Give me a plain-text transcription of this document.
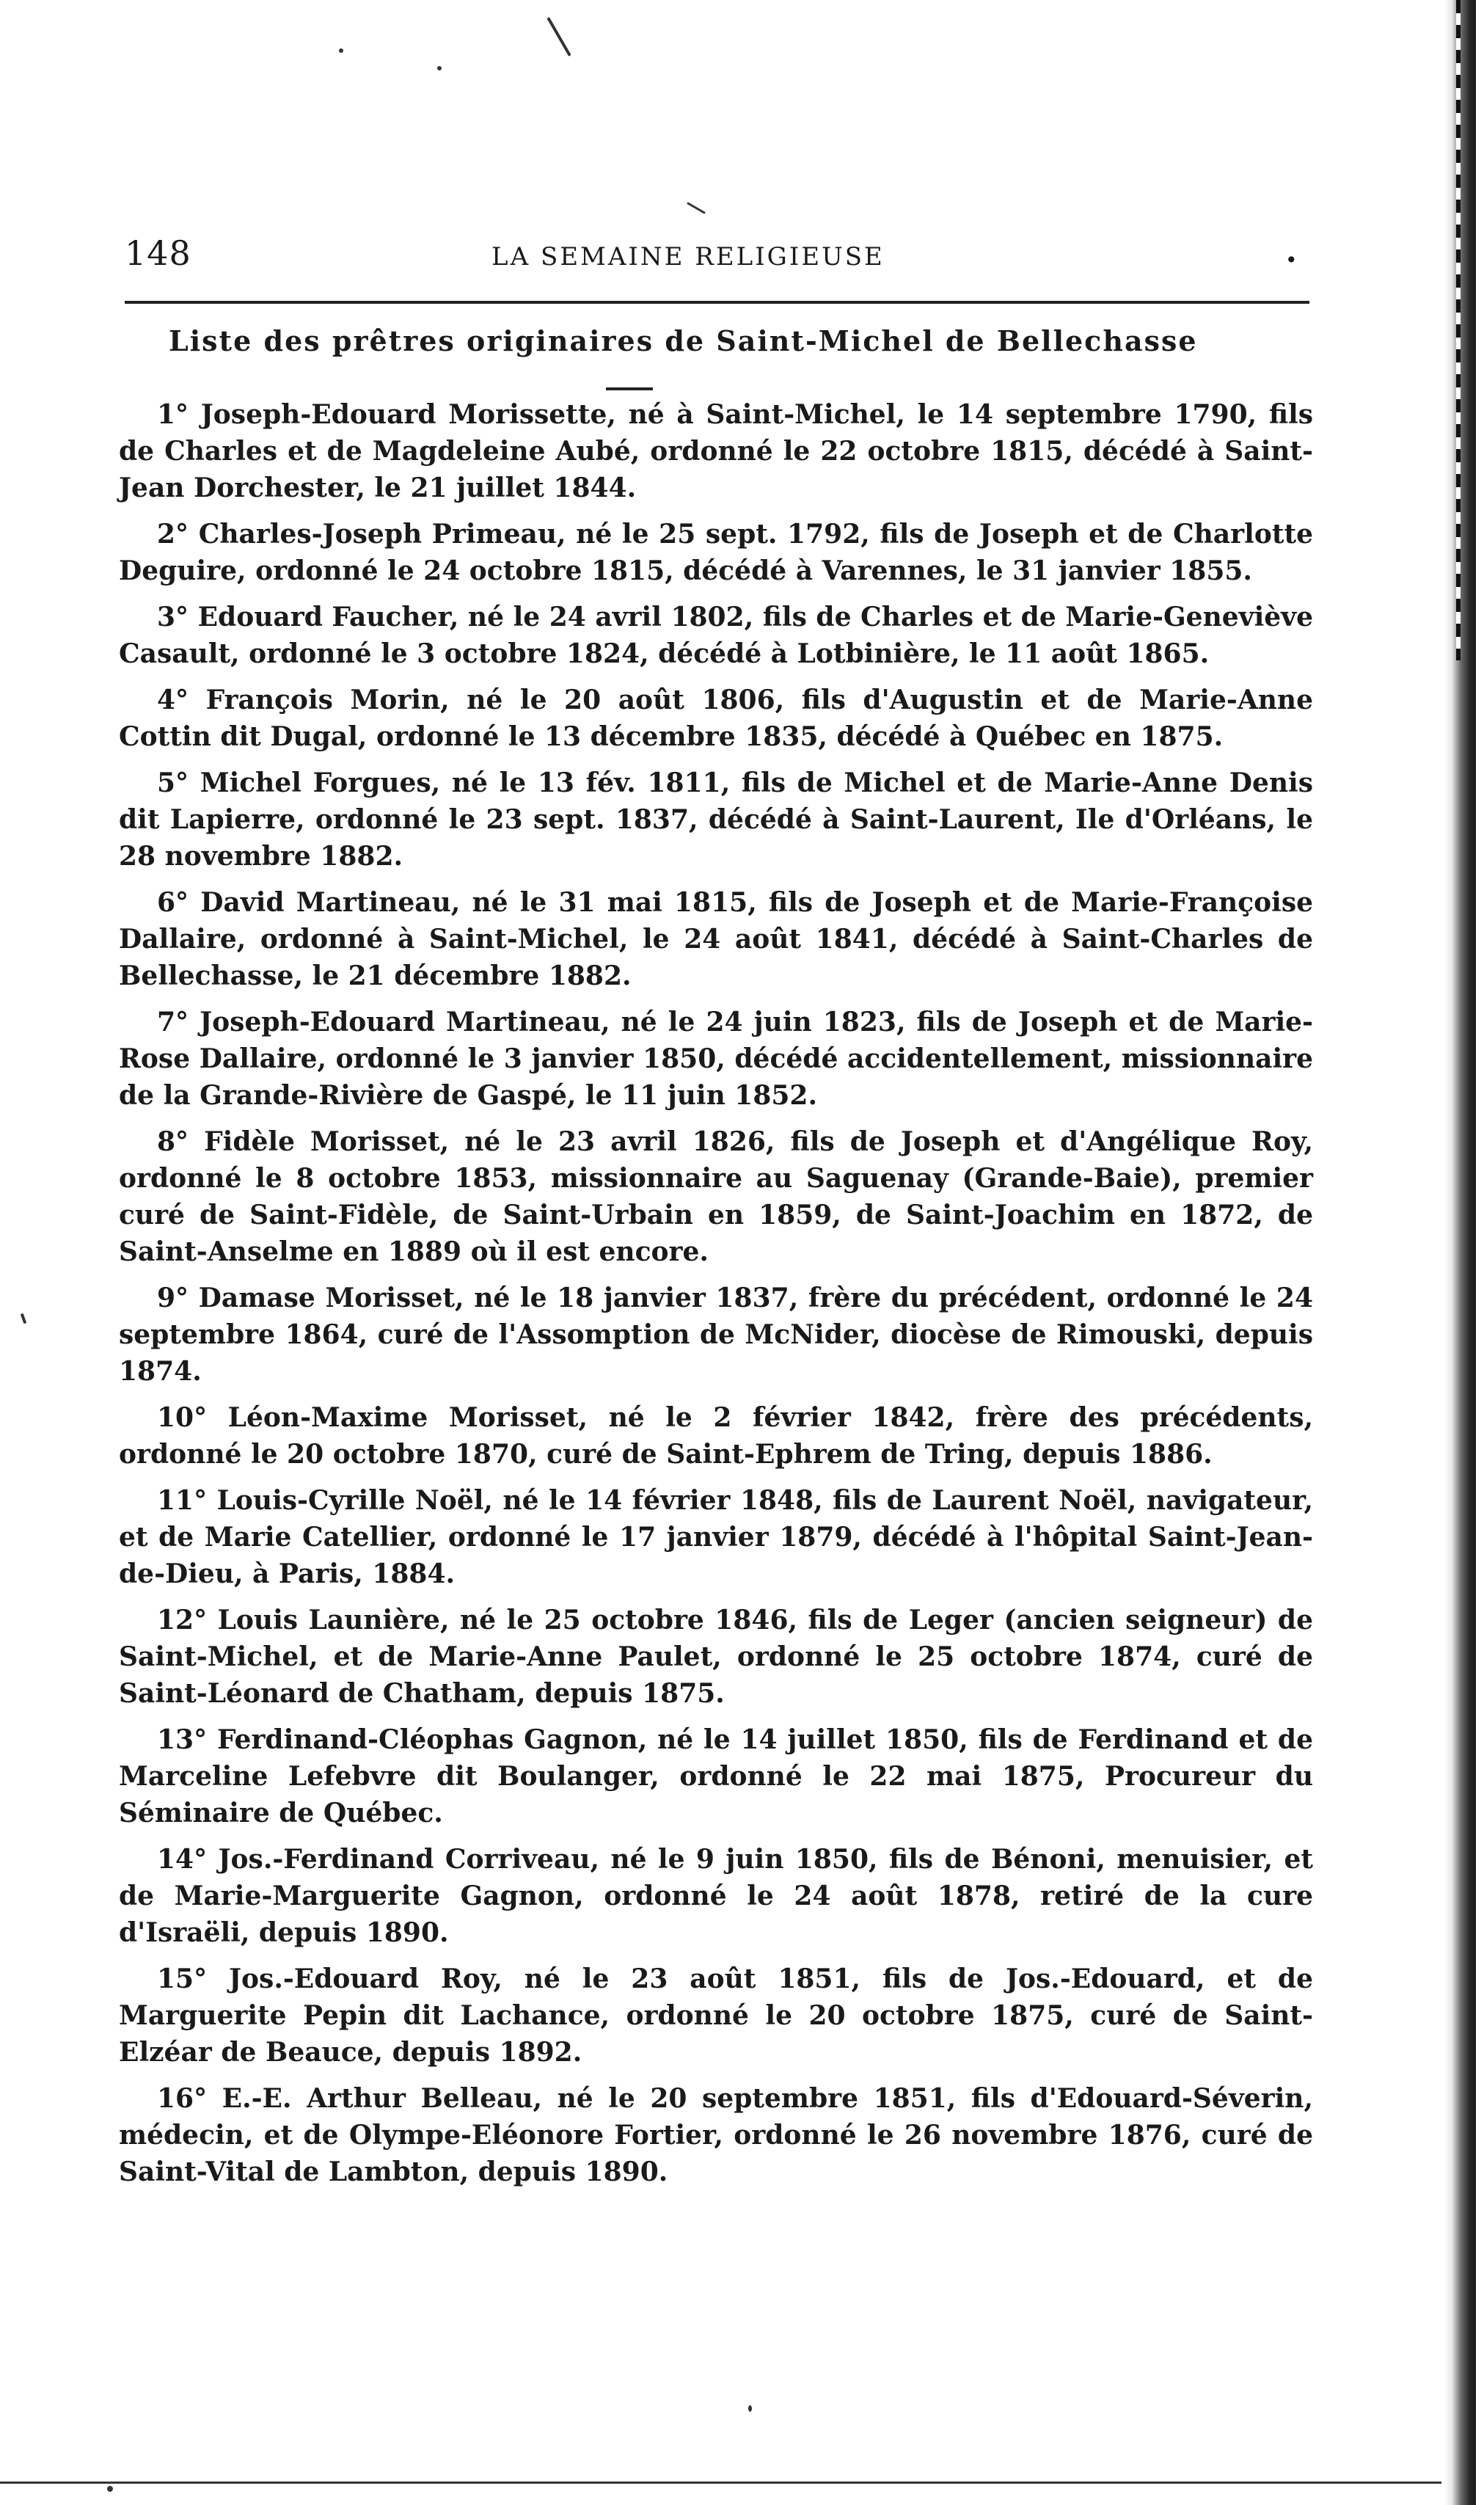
148	LA SEMAINE RELIGIEUSE	•
Liste des prêtres originaires de Saint-Michel de Bellechasse

1° Joseph-Edouard Morissette, né à Saint-Michel, le 14 septembre 1790, fils de Charles et de Magdeleine Aubé, ordonné le 22 octobre 1815, décédé à Saint-Jean Dorchester, le 21 juillet 1844.

2° Charles-Joseph Primeau, né le 25 sept. 1792, fils de Joseph et de Charlotte Deguire, ordonné le 24 octobre 1815, décédé à Varennes, le 31 janvier 1855.

3° Edouard Faucher, né le 24 avril 1802, fils de Charles et de Marie-Geneviève Casault, ordonné le 3 octobre 1824, décédé à Lotbinière, le 11 août 1865.

4° François Morin, né le 20 août 1806, fils d'Augustin et de Marie-Anne Cottin dit Dugal, ordonné le 13 décembre 1835, décédé à Québec en 1875.

5° Michel Forgues, né le 13 fév. 1811, fils de Michel et de Marie-Anne Denis dit Lapierre, ordonné le 23 sept. 1837, décédé à Saint-Laurent, Ile d'Orléans, le 28 novembre 1882.

6° David Martineau, né le 31 mai 1815, fils de Joseph et de Marie-Françoise Dallaire, ordonné à Saint-Michel, le 24 août 1841, décédé à Saint-Charles de Bellechasse, le 21 décembre 1882.

7° Joseph-Edouard Martineau, né le 24 juin 1823, fils de Joseph et de Marie-Rose Dallaire, ordonné le 3 janvier 1850, décédé accidentellement, missionnaire de la Grande-Rivière de Gaspé, le 11 juin 1852.

8° Fidèle Morisset, né le 23 avril 1826, fils de Joseph et d'Angélique Roy, ordonné le 8 octobre 1853, missionnaire au Saguenay (Grande-Baie), premier curé de Saint-Fidèle, de Saint-Urbain en 1859, de Saint-Joachim en 1872, de Saint-Anselme en 1889 où il est encore.

9° Damase Morisset, né le 18 janvier 1837, frère du précédent, ordonné le 24 septembre 1864, curé de l'Assomption de McNider, diocèse de Rimouski, depuis 1874.

10° Léon-Maxime Morisset, né le 2 février 1842, frère des précédents, ordonné le 20 octobre 1870, curé de Saint-Ephrem de Tring, depuis 1886.

11° Louis-Cyrille Noël, né le 14 février 1848, fils de Laurent Noël, navigateur, et de Marie Catellier, ordonné le 17 janvier 1879, décédé à l'hôpital Saint-Jean-de-Dieu, à Paris, 1884.

12° Louis Launière, né le 25 octobre 1846, fils de Leger (ancien seigneur) de Saint-Michel, et de Marie-Anne Paulet, ordonné le 25 octobre 1874, curé de Saint-Léonard de Chatham, depuis 1875.

13° Ferdinand-Cléophas Gagnon, né le 14 juillet 1850, fils de Ferdinand et de Marceline Lefebvre dit Boulanger, ordonné le 22 mai 1875, Procureur du Séminaire de Québec.

14° Jos.-Ferdinand Corriveau, né le 9 juin 1850, fils de Bénoni, menuisier, et de Marie-Marguerite Gagnon, ordonné le 24 août 1878, retiré de la cure d'Israëli, depuis 1890.

15° Jos.-Edouard Roy, né le 23 août 1851, fils de Jos.-Edouard, et de Marguerite Pepin dit Lachance, ordonné le 20 octobre 1875, curé de Saint-Elzéar de Beauce, depuis 1892.

16° E.-E. Arthur Belleau, né le 20 septembre 1851, fils d'Edouard-Séverin, médecin, et de Olympe-Eléonore Fortier, ordonné le 26 novembre 1876, curé de Saint-Vital de Lambton, depuis 1890.
